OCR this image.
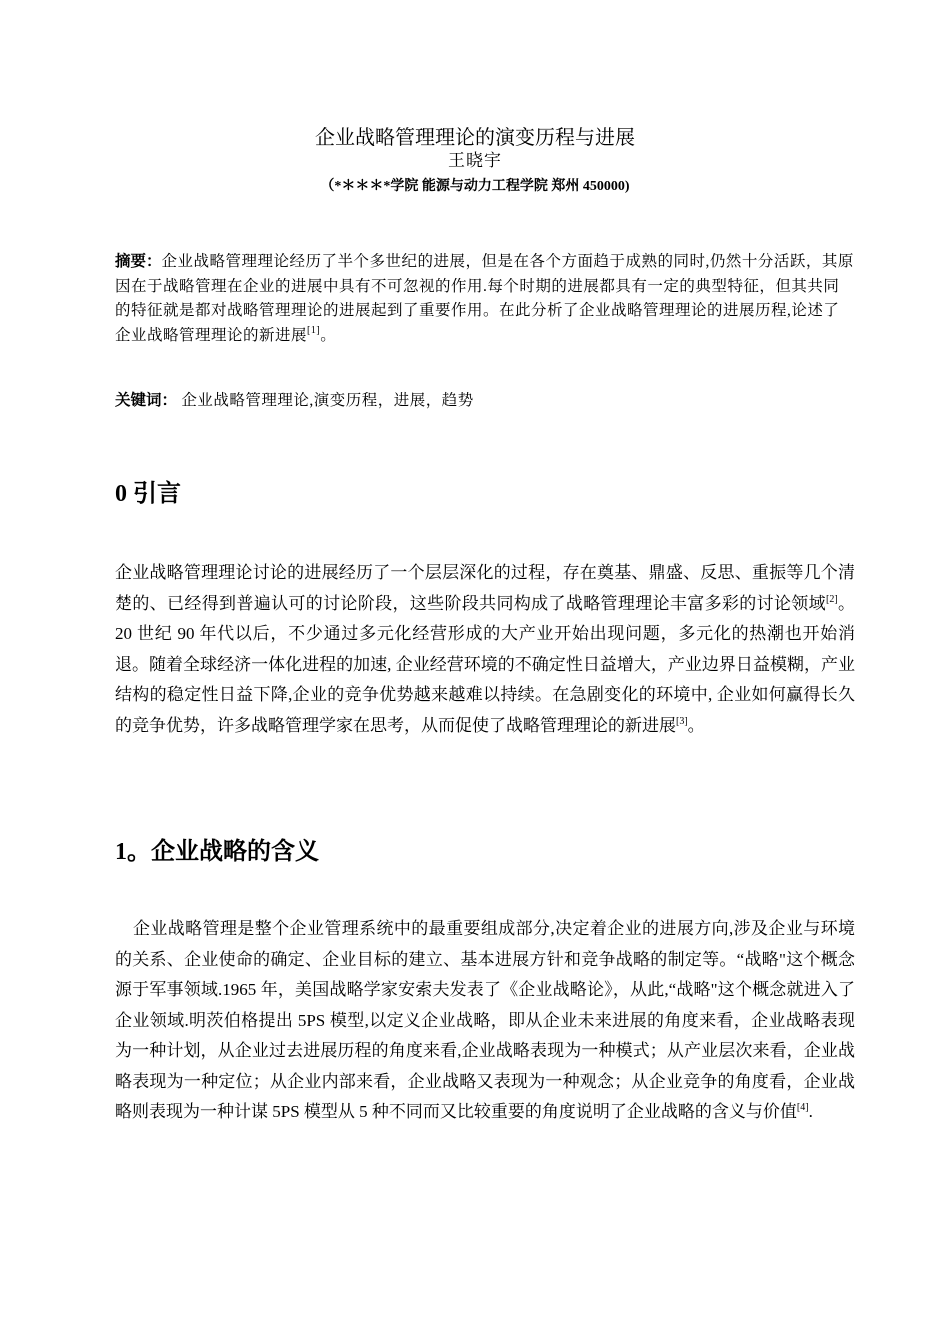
企业战略管理理论的演变历程与进展
王晓宇
（*＊＊＊*学院 能源与动力工程学院 郑州 450000)
摘要：企业战略管理理论经历了半个多世纪的进展，但是在各个方面趋于成熟的同时,仍然十分活跃，其原因在于战略管理在企业的进展中具有不可忽视的作用.每个时期的进展都具有一定的典型特征，但其共同的特征就是都对战略管理理论的进展起到了重要作用。在此分析了企业战略管理理论的进展历程,论述了企业战略管理理论的新进展[1]。
关键词： 企业战略管理理论,演变历程，进展，趋势
0 引言
企业战略管理理论讨论的进展经历了一个层层深化的过程，存在奠基、鼎盛、反思、重振等几个清楚的、已经得到普遍认可的讨论阶段，这些阶段共同构成了战略管理理论丰富多彩的讨论领域[2]。20 世纪 90 年代以后，不少通过多元化经营形成的大产业开始出现问题，多元化的热潮也开始消退。随着全球经济一体化进程的加速, 企业经营环境的不确定性日益增大，产业边界日益模糊，产业结构的稳定性日益下降,企业的竞争优势越来越难以持续。在急剧变化的环境中, 企业如何赢得长久的竞争优势，许多战略管理学家在思考，从而促使了战略管理理论的新进展[3]。
1。企业战略的含义
企业战略管理是整个企业管理系统中的最重要组成部分,决定着企业的进展方向,涉及企业与环境的关系、企业使命的确定、企业目标的建立、基本进展方针和竞争战略的制定等。“战略"这个概念源于军事领域.1965 年，美国战略学家安索夫发表了《企业战略论》，从此,“战略"这个概念就进入了企业领域.明茨伯格提出 5PS 模型,以定义企业战略，即从企业未来进展的角度来看，企业战略表现为一种计划，从企业过去进展历程的角度来看,企业战略表现为一种模式；从产业层次来看，企业战略表现为一种定位；从企业内部来看，企业战略又表现为一种观念；从企业竞争的角度看，企业战略则表现为一种计谋 5PS 模型从 5 种不同而又比较重要的角度说明了企业战略的含义与价值[4].
